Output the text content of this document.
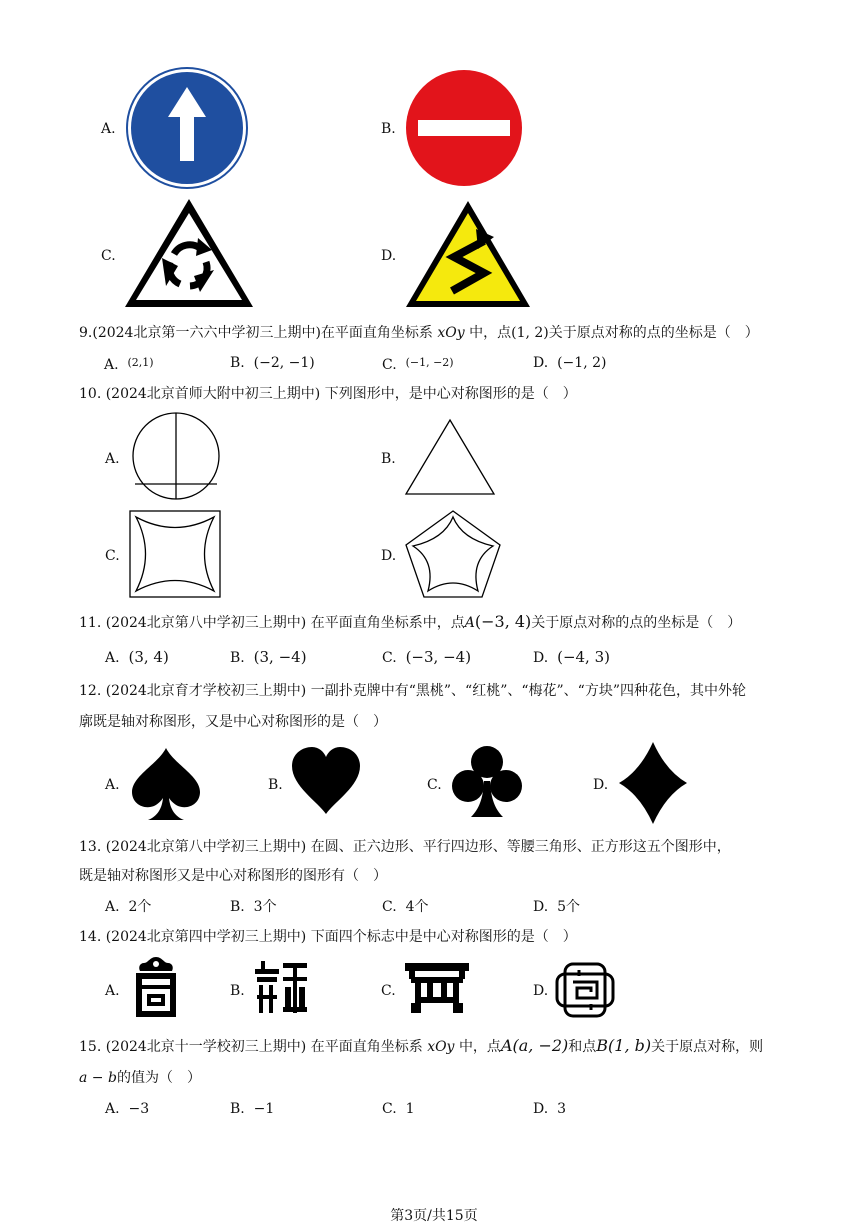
A.	B.
C.	D.
9.(2024北京第一六六中学初三上期中)在平面直角坐标系 xOy 中，点(1, 2)关于原点对称的点的坐标是（　）
A. $^{(2,1)}$	B. (−2, −1)	C. $^{(-1, -2)}$	D. (−1, 2)
10. (2024北京首师大附中初三上期中) 下列图形中，是中心对称图形的是（　）
A.	B.
C.	D.
11. (2024北京第八中学初三上期中) 在平面直角坐标系中，点A(−3, 4)关于原点对称的点的坐标是（　）
A. (3, 4)	B. (3, −4)	C. (−3, −4)	D. (−4, 3)
12. (2024北京育才学校初三上期中) 一副扑克牌中有“黑桃”、“红桃”、“梅花”、“方块”四种花色，其中外轮
廓既是轴对称图形，又是中心对称图形的是（　）
A.	B.	C.	D.
13. (2024北京第八中学初三上期中) 在圆、正六边形、平行四边形、等腰三角形、正方形这五个图形中，
既是轴对称图形又是中心对称图形的图形有（　）
A. 2个	B. 3个	C. 4个	D. 5个
14. (2024北京第四中学初三上期中) 下面四个标志中是中心对称图形的是（　）
A.	B.	C.	D.
15. (2024北京十一学校初三上期中) 在平面直角坐标系 xOy 中，点A(a, −2)和点B(1, b)关于原点对称，则
a − b的值为（　）
A. −3	B. −1	C. 1	D. 3
第3页/共15页
